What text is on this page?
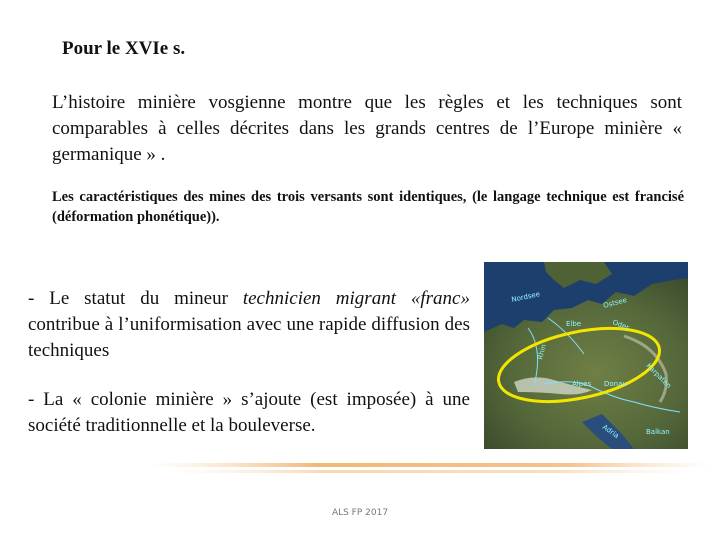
Pour le XVIe s.
L’histoire minière vosgienne montre que les règles et les techniques sont comparables à celles décrites dans les grands centres de l’Europe minière « germanique » .
Les caractéristiques des mines des trois versants sont identiques, (le langage technique est francisé (déformation phonétique)).
- Le statut du mineur technicien migrant «franc» contribue à l’uniformisation avec une rapide diffusion des techniques
- La « colonie minière » s’ajoute (est imposée) à une société traditionnelle et la bouleverse.
Nordsee	Ostsee
Elbe	Oder
Rhin
Karpaten
Alpes Donau
Adria	Balkan
ALS FP 2017
